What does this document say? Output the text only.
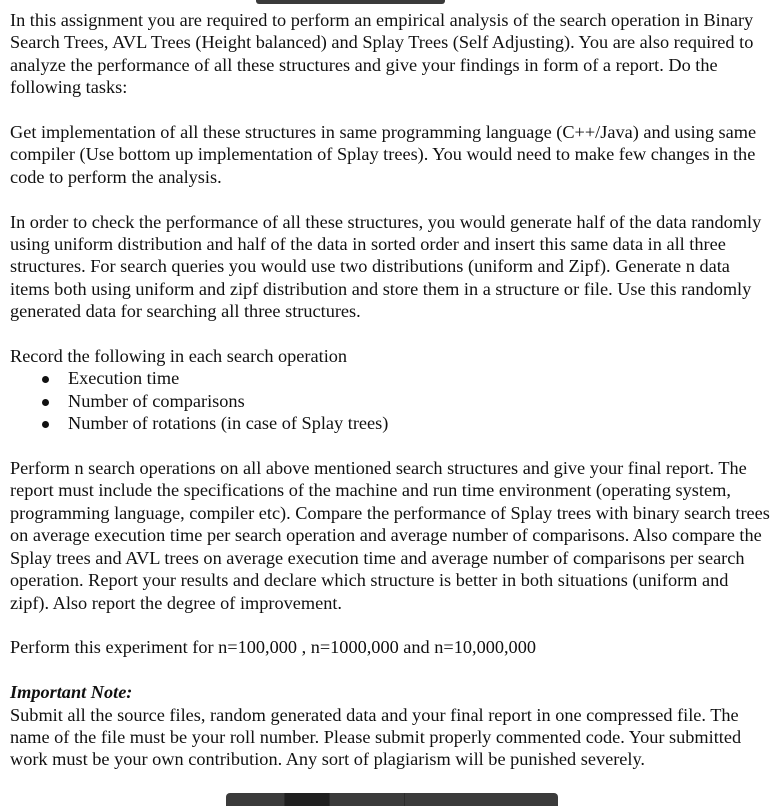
In this assignment you are required to perform an empirical analysis of the search operation in Binary Search Trees, AVL Trees (Height balanced) and Splay Trees (Self Adjusting). You are also required to analyze the performance of all these structures and give your findings in form of a report. Do the following tasks:

Get implementation of all these structures in same programming language (C++/Java) and using same compiler (Use bottom up implementation of Splay trees). You would need to make few changes in the code to perform the analysis.

In order to check the performance of all these structures, you would generate half of the data randomly using uniform distribution and half of the data in sorted order and insert this same data in all three structures. For search queries you would use two distributions (uniform and Zipf). Generate n data items both using uniform and zipf distribution and store them in a structure or file. Use this randomly generated data for searching all three structures.

Record the following in each search operation

Execution time
Number of comparisons
Number of rotations (in case of Splay trees)

Perform n search operations on all above mentioned search structures and give your final report. The report must include the specifications of the machine and run time environment (operating system, programming language, compiler etc). Compare the performance of Splay trees with binary search trees on average execution time per search operation and average number of comparisons. Also compare the Splay trees and AVL trees on average execution time and average number of comparisons per search operation. Report your results and declare which structure is better in both situations (uniform and zipf). Also report the degree of improvement.

Perform this experiment for n=100,000 , n=1000,000 and n=10,000,000

Important Note:

Submit all the source files, random generated data and your final report in one compressed file. The name of the file must be your roll number. Please submit properly commented code. Your submitted work must be your own contribution. Any sort of plagiarism will be punished severely.
